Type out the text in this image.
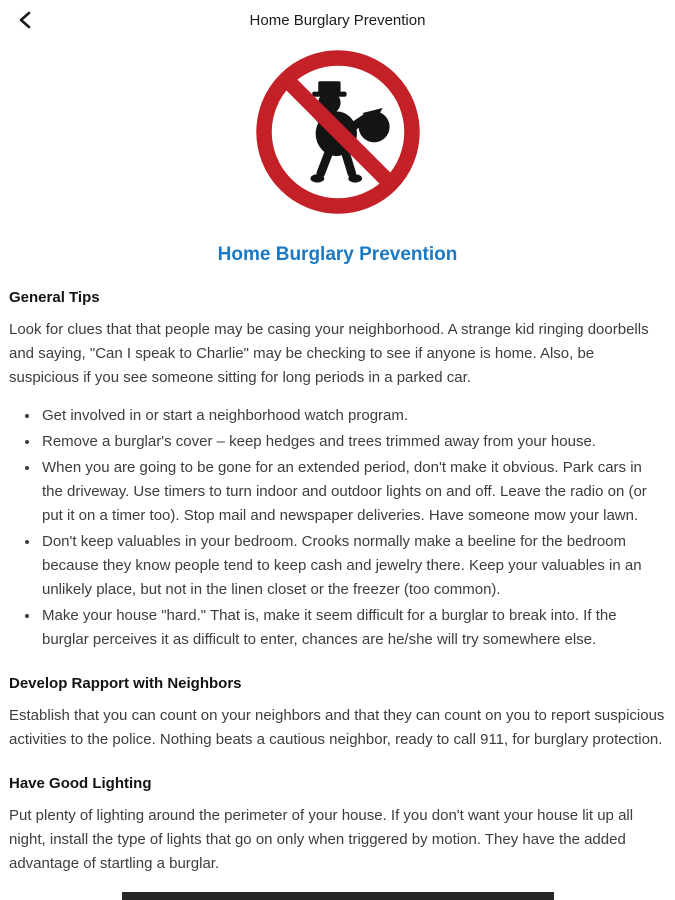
Home Burglary Prevention
Home Burglary Prevention
General Tips

Look for clues that that people may be casing your neighborhood. A strange kid ringing doorbells and saying, "Can I speak to Charlie" may be checking to see if anyone is home. Also, be suspicious if you see someone sitting for long periods in a parked car.

• Get involved in or start a neighborhood watch program.
• Remove a burglar's cover – keep hedges and trees trimmed away from your house.
• When you are going to be gone for an extended period, don't make it obvious. Park cars in the driveway. Use timers to turn indoor and outdoor lights on and off. Leave the radio on (or put it on a timer too). Stop mail and newspaper deliveries. Have someone mow your lawn.
• Don't keep valuables in your bedroom. Crooks normally make a beeline for the bedroom because they know people tend to keep cash and jewelry there. Keep your valuables in an unlikely place, but not in the linen closet or the freezer (too common).
• Make your house "hard." That is, make it seem difficult for a burglar to break into. If the burglar perceives it as difficult to enter, chances are he/she will try somewhere else.
Develop Rapport with Neighbors

Establish that you can count on your neighbors and that they can count on you to report suspicious activities to the police. Nothing beats a cautious neighbor, ready to call 911, for burglary protection.

Have Good Lighting

Put plenty of lighting around the perimeter of your house. If you don't want your house lit up all night, install the type of lights that go on only when triggered by motion. They have the added advantage of startling a burglar.
